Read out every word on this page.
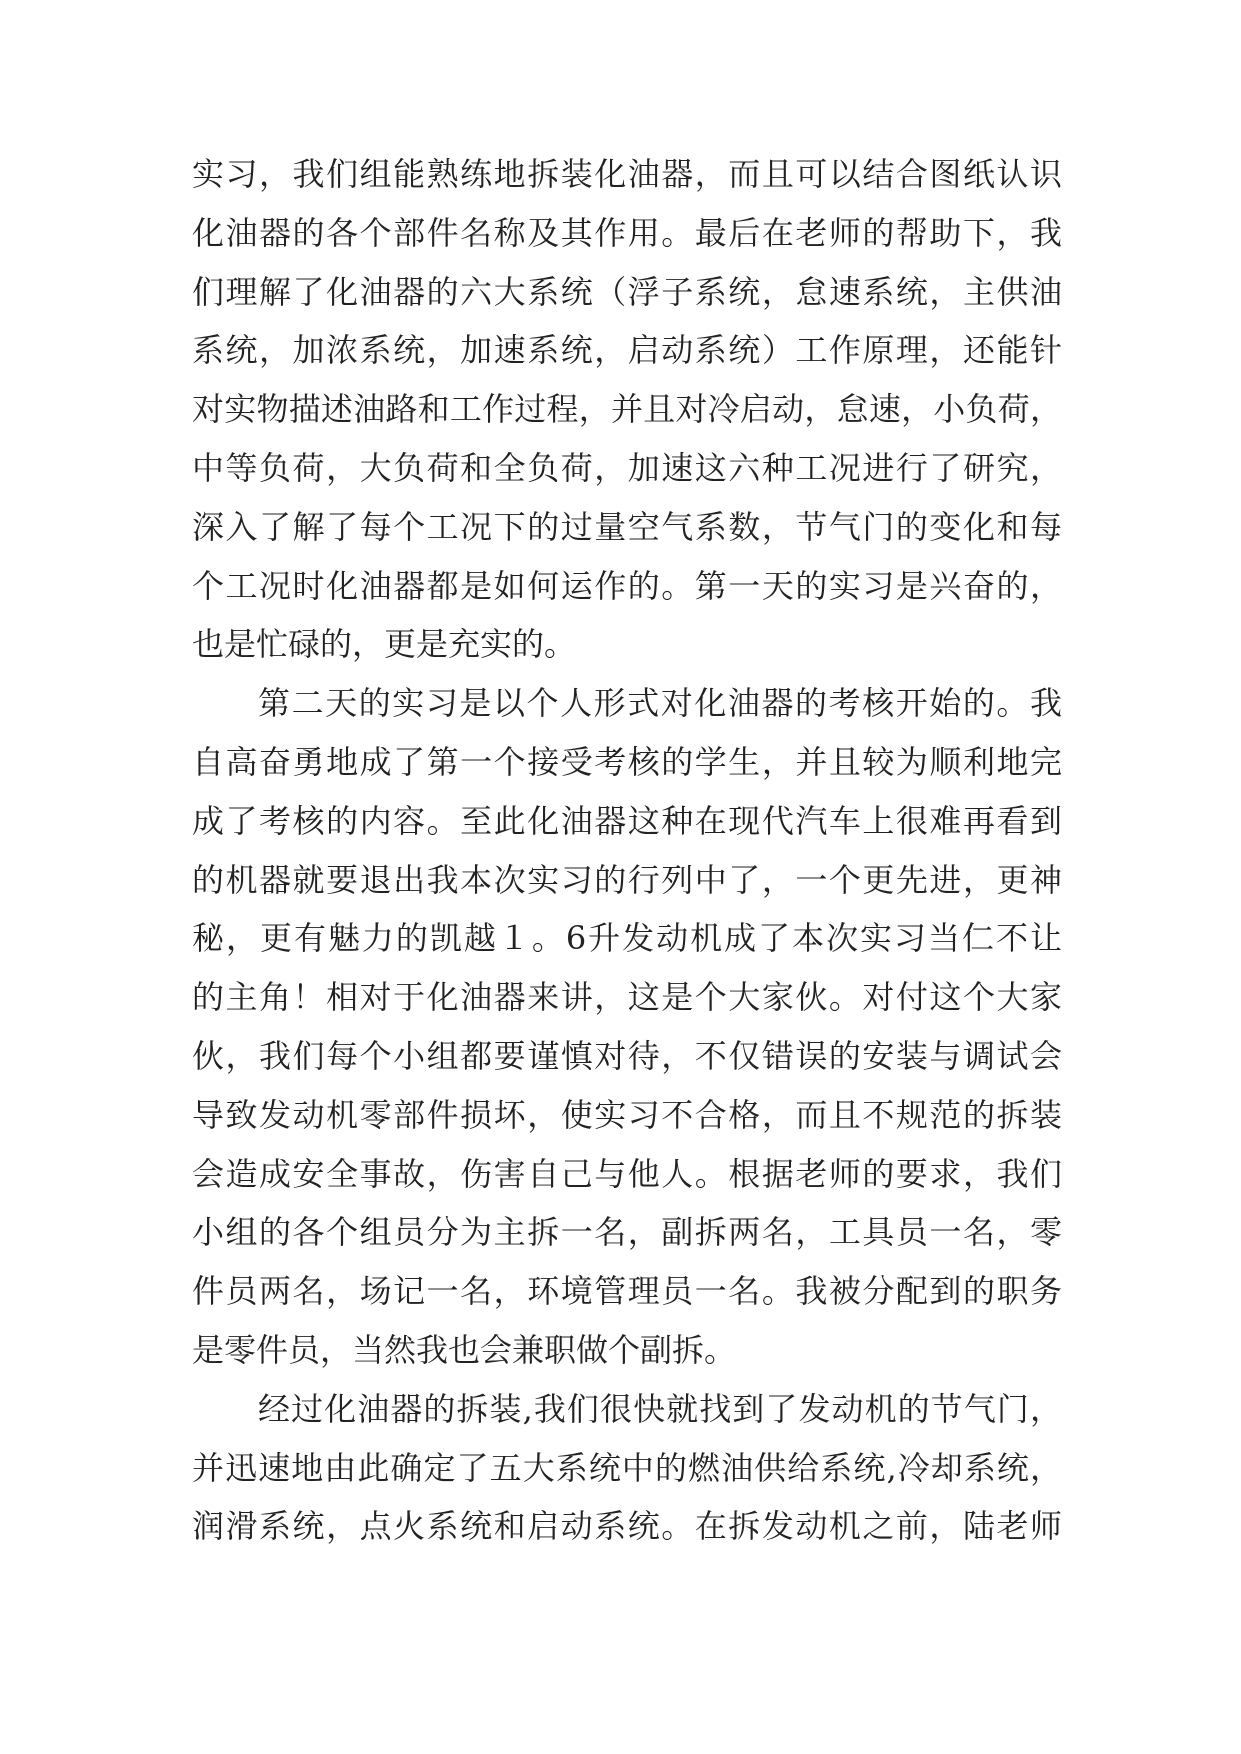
实习，我们组能熟练地拆装化油器，而且可以结合图纸认识
化油器的各个部件名称及其作用。最后在老师的帮助下，我
们理解了化油器的六大系统（浮子系统，怠速系统，主供油
系统，加浓系统，加速系统，启动系统）工作原理，还能针
对实物描述油路和工作过程，并且对冷启动，怠速，小负荷，
中等负荷，大负荷和全负荷，加速这六种工况进行了研究，
深入了解了每个工况下的过量空气系数，节气门的变化和每
个工况时化油器都是如何运作的。第一天的实习是兴奋的，
也是忙碌的，更是充实的。
第二天的实习是以个人形式对化油器的考核开始的。我
自高奋勇地成了第一个接受考核的学生，并且较为顺利地完
成了考核的内容。至此化油器这种在现代汽车上很难再看到
的机器就要退出我本次实习的行列中了，一个更先进，更神
秘，更有魅力的凯越１。6升发动机成了本次实习当仁不让
的主角！相对于化油器来讲，这是个大家伙。对付这个大家
伙，我们每个小组都要谨慎对待，不仅错误的安装与调试会
导致发动机零部件损坏，使实习不合格，而且不规范的拆装
会造成安全事故，伤害自己与他人。根据老师的要求，我们
小组的各个组员分为主拆一名，副拆两名，工具员一名，零
件员两名，场记一名，环境管理员一名。我被分配到的职务
是零件员，当然我也会兼职做个副拆。
经过化油器的拆装,我们很快就找到了发动机的节气门，
并迅速地由此确定了五大系统中的燃油供给系统,冷却系统，
润滑系统，点火系统和启动系统。在拆发动机之前，陆老师
